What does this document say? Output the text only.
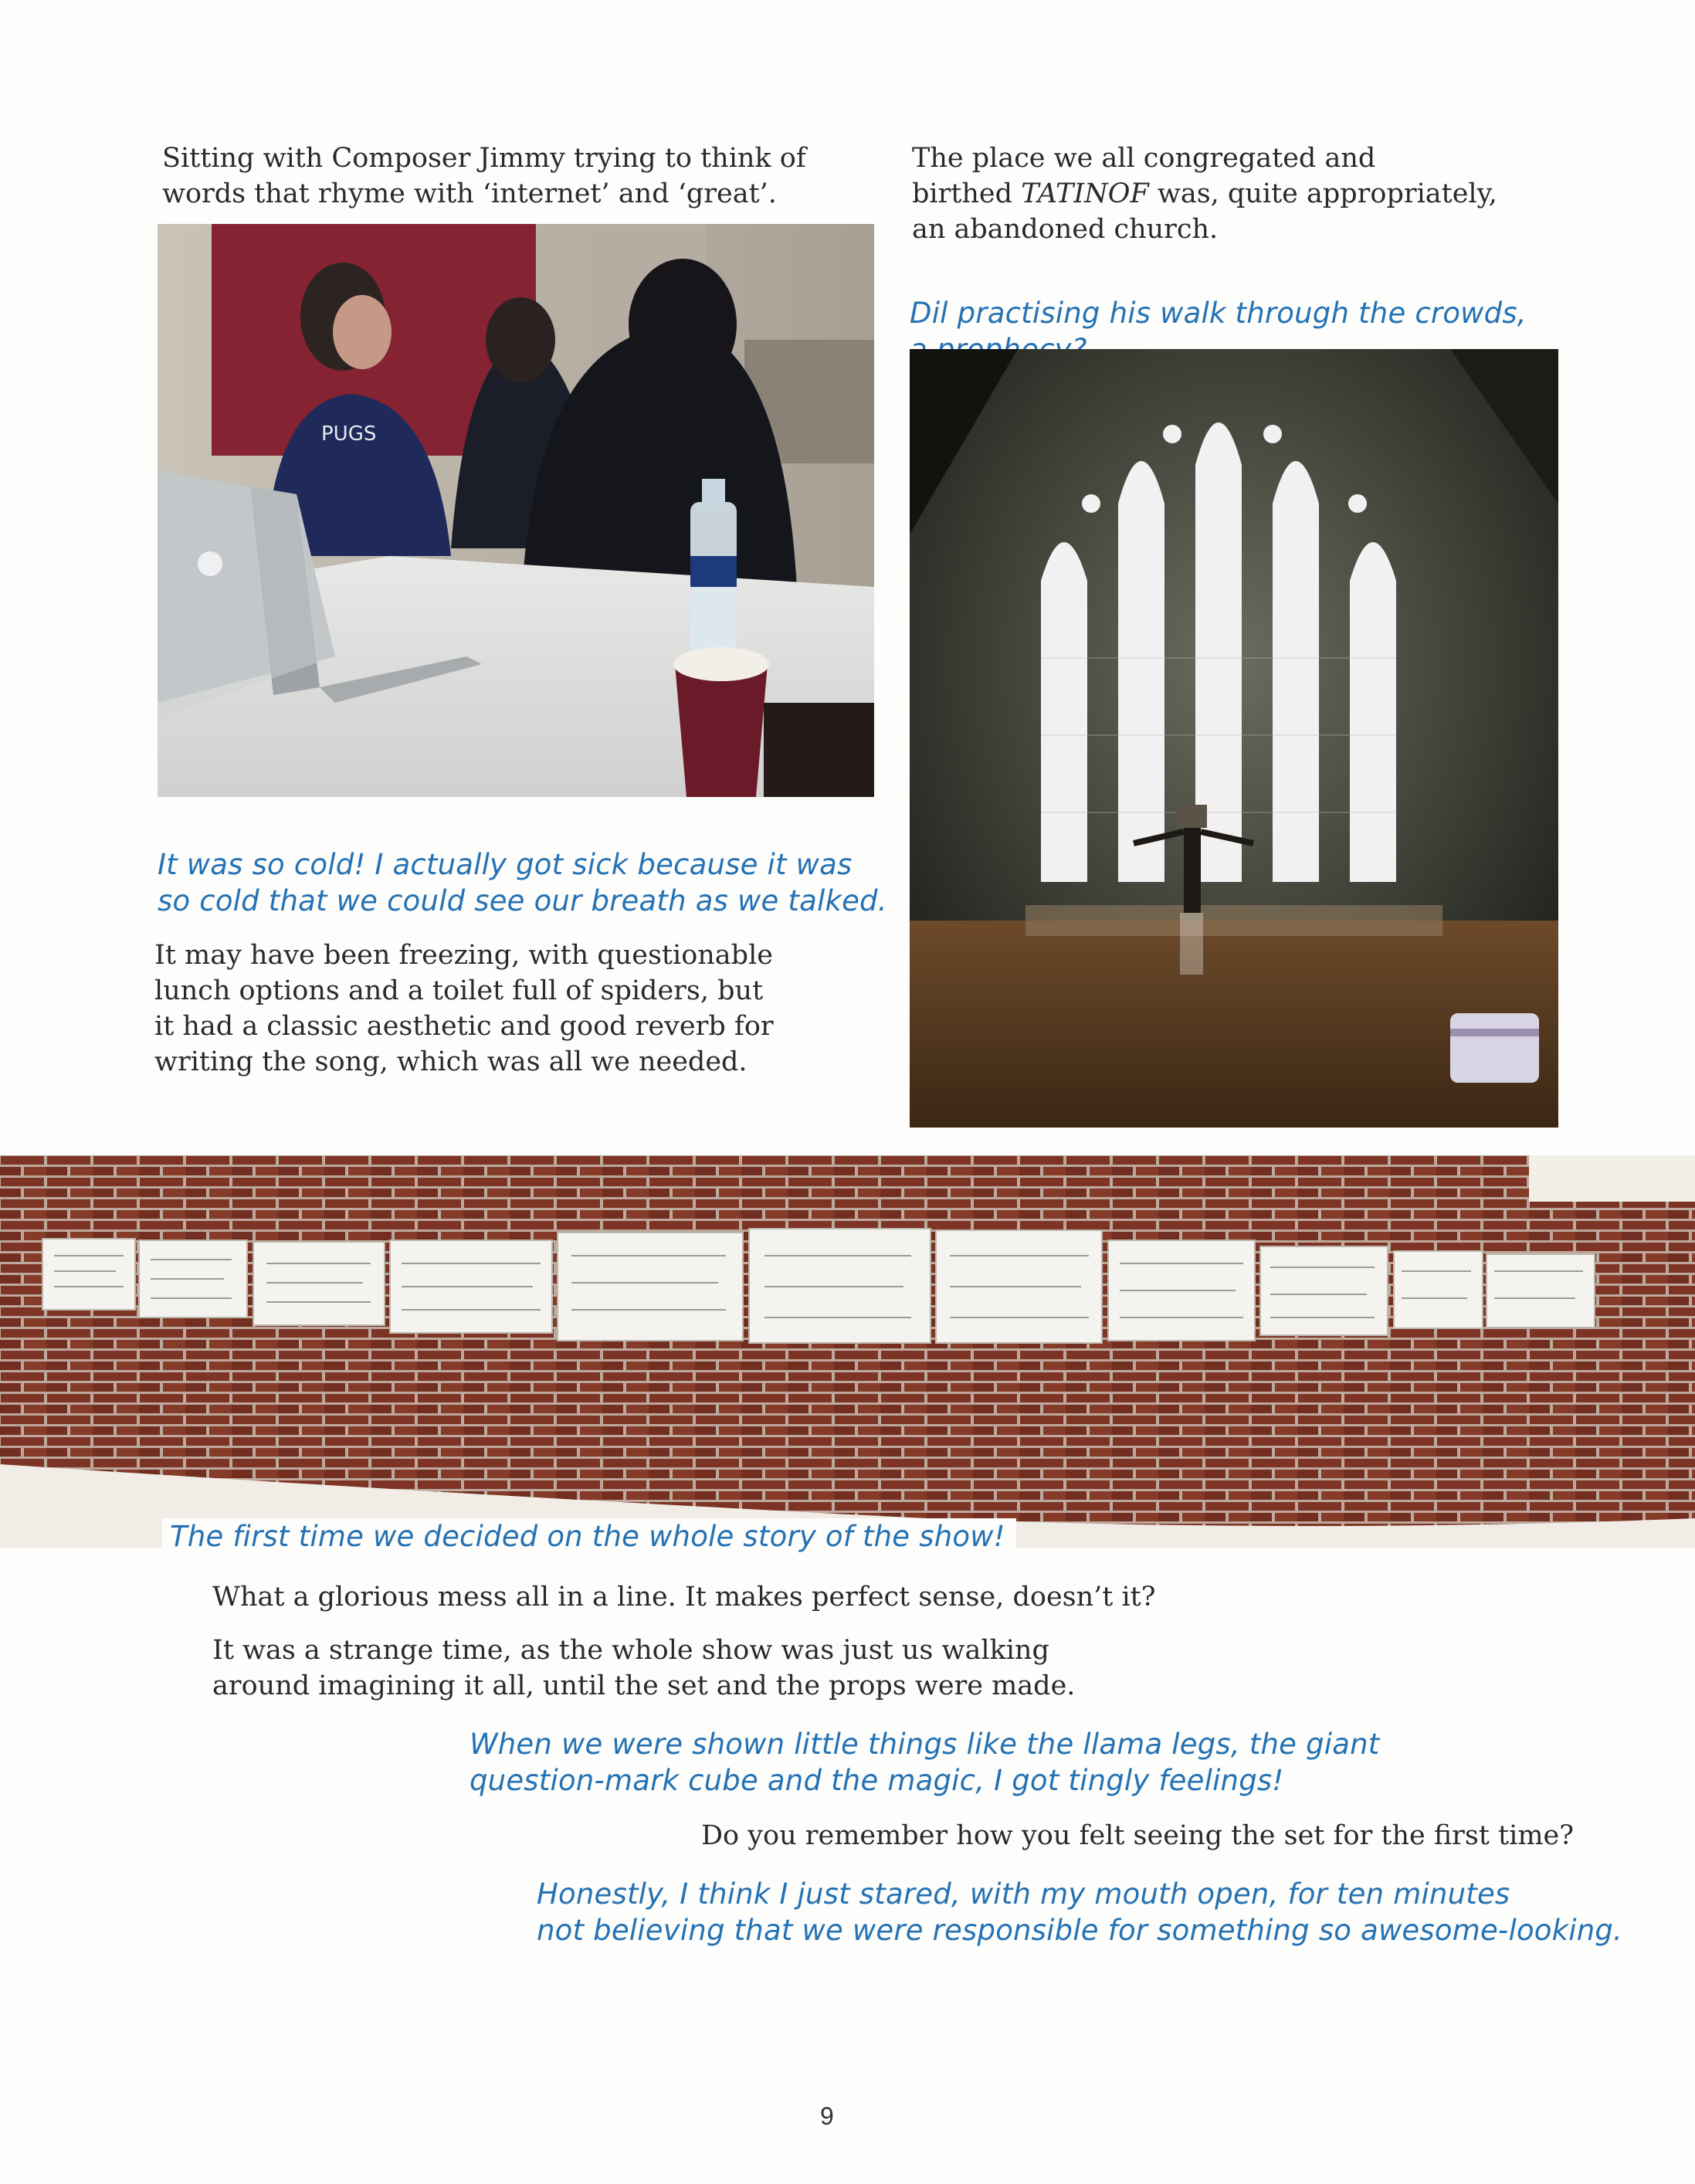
Sitting with Composer Jimmy trying to think of
words that rhyme with ‘internet’ and ‘great’.

The place we all congregated and
birthed TATINOF was, quite appropriately,
an abandoned church.

PUGS

Dil practising his walk through the crowds,

It was so cold! I actually got sick because it was
so cold that we could see our breath as we talked.

It may have been freezing, with questionable
lunch options and a toilet full of spiders, but
it had a classic aesthetic and good reverb for
writing the song, which was all we needed.

The first time we decided on the whole story of the show!

What a glorious mess all in a line. It makes perfect sense, doesn’t it?

It was a strange time, as the whole show was just us walking
around imagining it all, until the set and the props were made.

When we were shown little things like the llama legs, the giant
question-mark cube and the magic, I got tingly feelings!

Do you remember how you felt seeing the set for the first time?

Honestly, I think I just stared, with my mouth open, for ten minutes
not believing that we were responsible for something so awesome-looking.

9
